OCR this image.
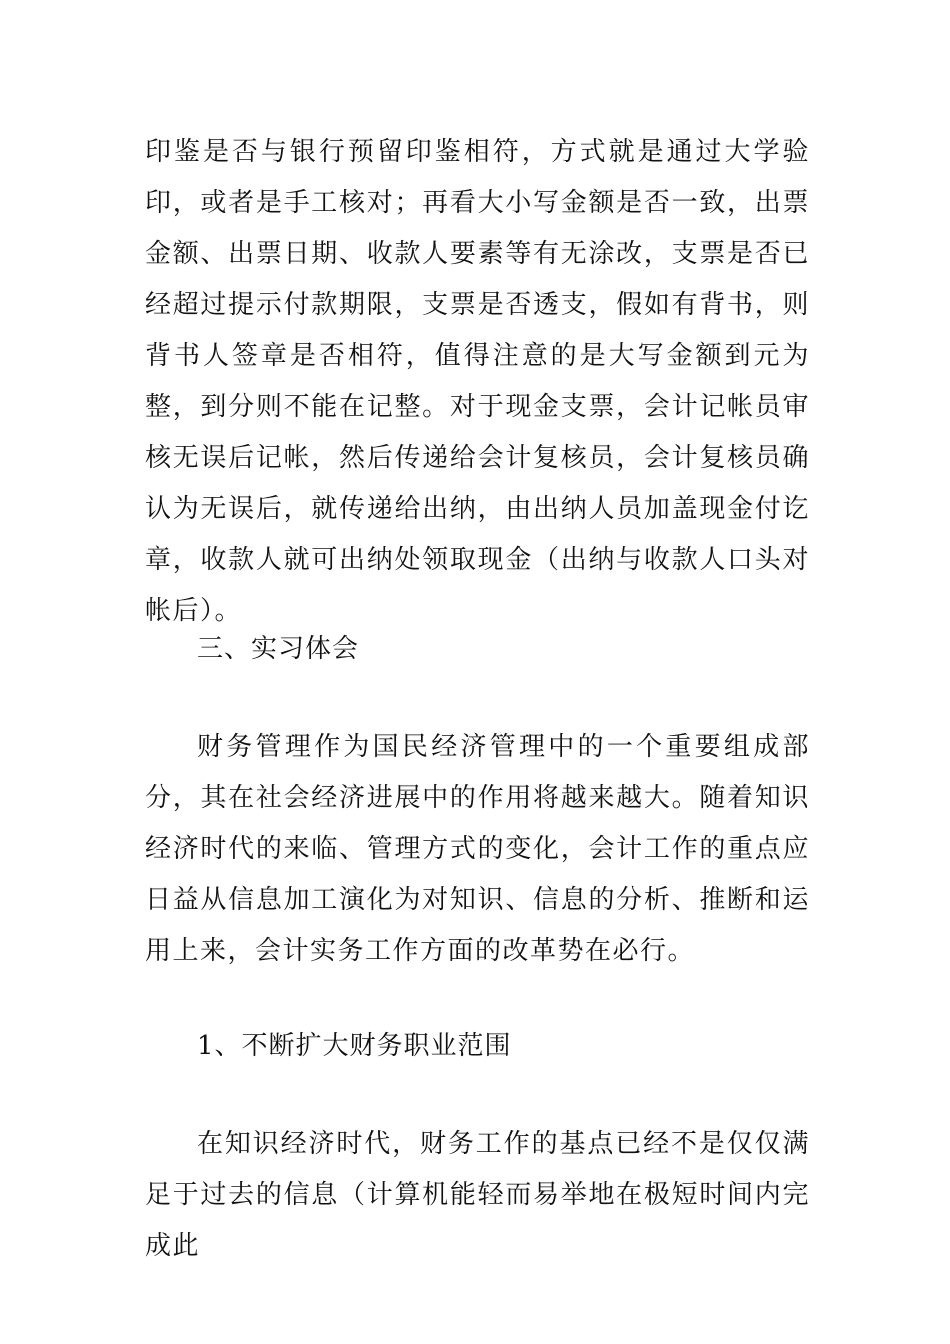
印鉴是否与银行预留印鉴相符，方式就是通过大学验印，或者是手工核对；再看大小写金额是否一致，出票金额、出票日期、收款人要素等有无涂改，支票是否已经超过提示付款期限，支票是否透支，假如有背书，则背书人签章是否相符，值得注意的是大写金额到元为整，到分则不能在记整。对于现金支票，会计记帐员审核无误后记帐，然后传递给会计复核员，会计复核员确认为无误后，就传递给出纳，由出纳人员加盖现金付讫章，收款人就可出纳处领取现金（出纳与收款人口头对帐后）。

三、实习体会

财务管理作为国民经济管理中的一个重要组成部分，其在社会经济进展中的作用将越来越大。随着知识经济时代的来临、管理方式的变化，会计工作的重点应日益从信息加工演化为对知识、信息的分析、推断和运用上来，会计实务工作方面的改革势在必行。

1、不断扩大财务职业范围

在知识经济时代，财务工作的基点已经不是仅仅满足于过去的信息（计算机能轻而易举地在极短时间内完成此
